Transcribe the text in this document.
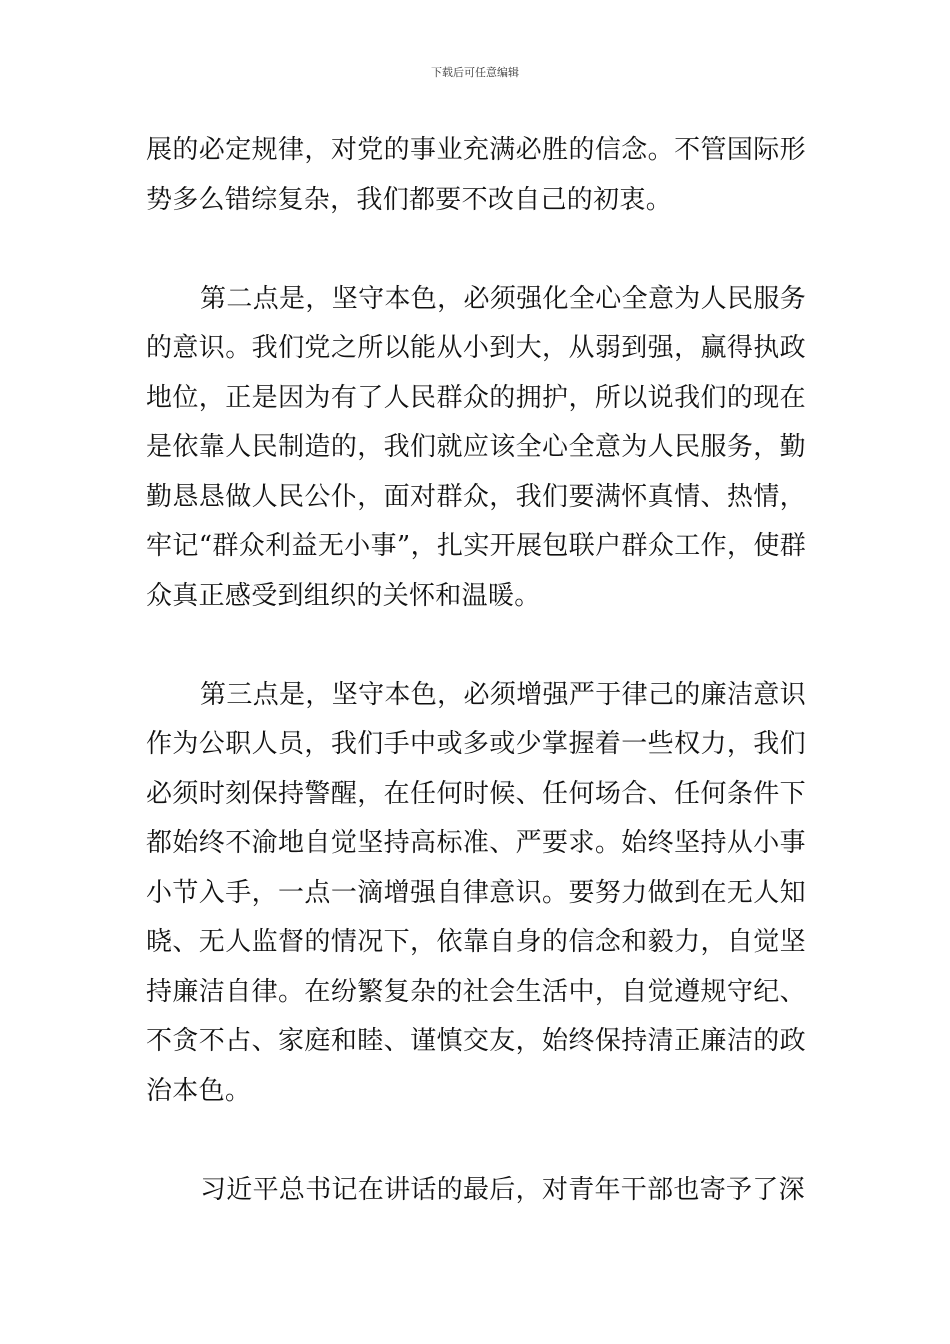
下载后可任意编辑

展的必定规律，对党的事业充满必胜的信念。不管国际形势多么错综复杂，我们都要不改自己的初衷。

第二点是，坚守本色，必须强化全心全意为人民服务的意识。我们党之所以能从小到大，从弱到强，赢得执政地位，正是因为有了人民群众的拥护，所以说我们的现在是依靠人民制造的，我们就应该全心全意为人民服务，勤勤恳恳做人民公仆，面对群众，我们要满怀真情、热情，牢记“群众利益无小事”，扎实开展包联户群众工作，使群众真正感受到组织的关怀和温暖。

第三点是，坚守本色，必须增强严于律己的廉洁意识作为公职人员，我们手中或多或少掌握着一些权力，我们必须时刻保持警醒，在任何时候、任何场合、任何条件下都始终不渝地自觉坚持高标准、严要求。始终坚持从小事小节入手，一点一滴增强自律意识。要努力做到在无人知晓、无人监督的情况下，依靠自身的信念和毅力，自觉坚持廉洁自律。在纷繁复杂的社会生活中，自觉遵规守纪、不贪不占、家庭和睦、谨慎交友，始终保持清正廉洁的政治本色。

习近平总书记在讲话的最后，对青年干部也寄予了深
